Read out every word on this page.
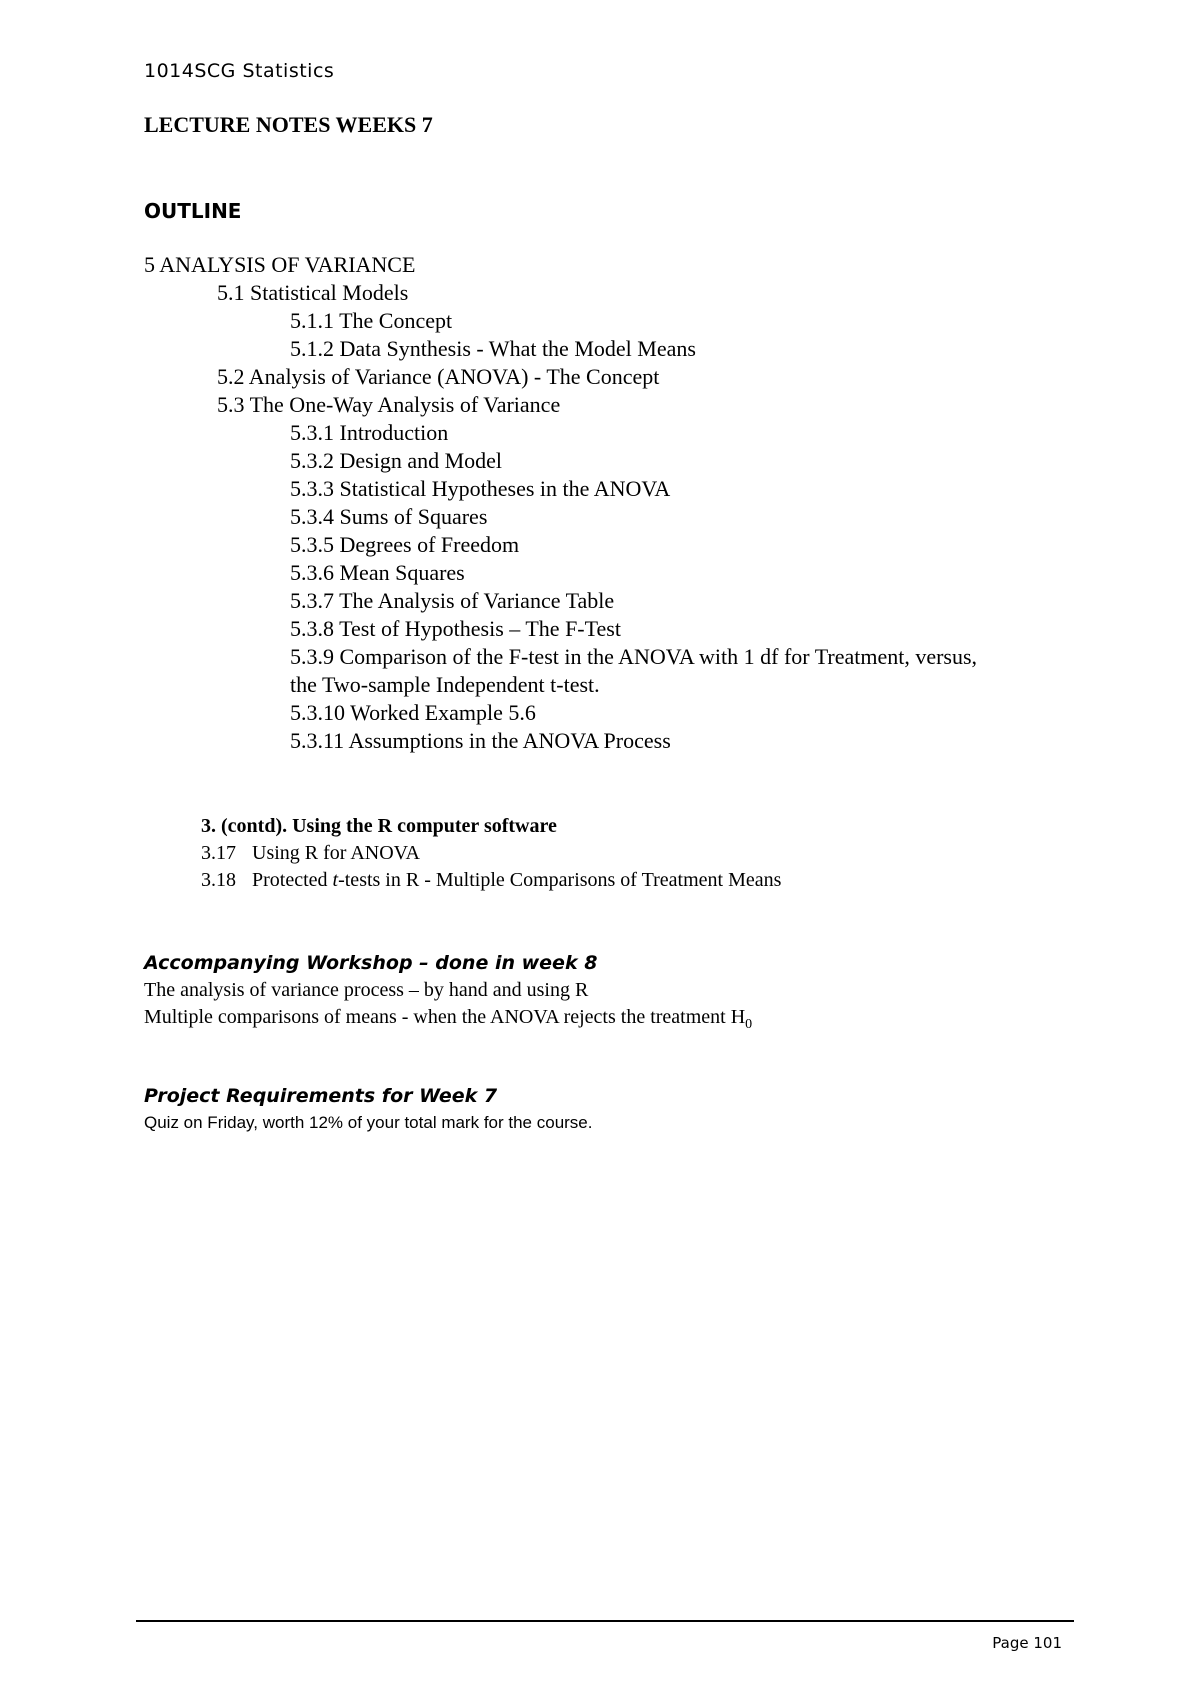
1014SCG Statistics
LECTURE NOTES WEEKS 7
OUTLINE
5 ANALYSIS OF VARIANCE
5.1 Statistical Models
5.1.1 The Concept
5.1.2 Data Synthesis - What the Model Means
5.2 Analysis of Variance (ANOVA) - The Concept
5.3 The One-Way Analysis of Variance
5.3.1 Introduction
5.3.2 Design and Model
5.3.3 Statistical Hypotheses in the ANOVA
5.3.4 Sums of Squares
5.3.5 Degrees of Freedom
5.3.6 Mean Squares
5.3.7 The Analysis of Variance Table
5.3.8 Test of Hypothesis – The F-Test
5.3.9 Comparison of the F-test in the ANOVA with 1 df for Treatment, versus,
the Two-sample Independent t-test.
5.3.10 Worked Example 5.6
5.3.11 Assumptions in the ANOVA Process
3. (contd). Using the R computer software
3.17 Using R for ANOVA
3.18 Protected t-tests in R - Multiple Comparisons of Treatment Means
Accompanying Workshop – done in week 8
The analysis of variance process – by hand and using R
Multiple comparisons of means - when the ANOVA rejects the treatment $H_0$
Project Requirements for Week 7
Quiz on Friday, worth 12% of your total mark for the course.
Page 101
